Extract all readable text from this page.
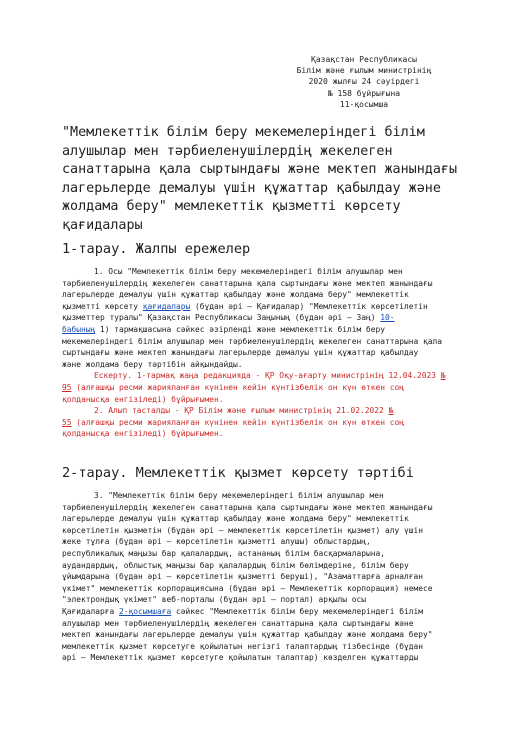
Қазақстан Республикасы
Білім және ғылым министрінің
2020 жылғы 24 сәуірдегі
№ 158 бұйрығына
11-қосымша
"Мемлекеттік білім беру мекемелеріндегі білім
алушылар мен тәрбиеленушілердің жекелеген
санаттарына қала сыртындағы және мектеп жанындағы
лагерьлерде демалуы үшін құжаттар қабылдау және
жолдама беру" мемлекеттік қызметті көрсету
қағидалары
1-тарау. Жалпы ережелер
1. Осы "Мемлекеттік білім беру мекемелеріндегі білім алушылар мен
тәрбиеленушілердің жекелеген санаттарына қала сыртындағы және мектеп жанындағы
лагерьлерде демалуы үшін құжаттар қабылдау және жолдама беру" мемлекеттік
қызметті көрсету қағидалары (бұдан әрі – Қағидалар) "Мемлекеттік көрсетілетін
қызметтер туралы" Қазақстан Республикасы Заңының (бұдан әрі – Заң) 10-
бабының 1) тармақшасына сәйкес әзірленді және мемлекеттік білім беру
мекемелеріндегі білім алушылар мен тәрбиеленушілердің жекелеген санаттарына қала
сыртындағы және мектеп жанындағы лагерьлерде демалуы үшін құжаттар қабылдау
және жолдама беру тәртібін айқындайды.
Ескерту. 1-тармақ жаңа редакцияда - ҚР Оқу-ағарту министрінің 12.04.2023 №
95 (алғашқы ресми жарияланған күнінен кейін күнтізбелік он күн өткен соң
қолданысқа енгізіледі) бұйрығымен.
2. Алып тасталды - ҚР Білім және ғылым министрінің 21.02.2022 №
55 (алғашқы ресми жарияланған күнінен кейін күнтізбелік он күн өткен соң
қолданысқа енгізіледі) бұйрығымен.
2-тарау. Мемлекеттік қызмет көрсету тәртібі
3. "Мемлекеттік білім беру мекемелеріндегі білім алушылар мен
тәрбиеленушілердің жекелеген санаттарына қала сыртындағы және мектеп жанындағы
лагерьлерде демалуы үшін құжаттар қабылдау және жолдама беру" мемлекеттік
көрсетілетін қызметін (бұдан әрі – мемлекеттік көрсетілетін қызмет) алу үшін
жеке тұлға (бұдан әрі – көрсетілетін қызметті алушы) облыстардың,
республикалық маңызы бар қалалардың, астананың білім басқармаларына,
аудандардың, облыстық маңызы бар қалалардың білім бөлімдеріне, білім беру
ұйымдарына (бұдан әрі – көрсетілетін қызметті беруші), "Азаматтарға арналған
үкімет" мемлекеттік корпорациясына (бұдан әрі – Мемлекеттік корпорация) немесе
"электрондық үкімет" веб-порталы (бұдан әрі – портал) арқылы осы
Қағидаларға 2-қосымшаға сәйкес "Мемлекеттік білім беру мекемелеріндегі білім
алушылар мен тәрбиеленушілердің жекелеген санаттарына қала сыртындағы және
мектеп жанындағы лагерьлерде демалуы үшін құжаттар қабылдау және жолдама беру"
мемлекеттік қызмет көрсетуге қойылатын негізгі талаптардың тізбесінде (бұдан
әрі – Мемлекеттік қызмет көрсетуге қойылатын талаптар) көзделген құжаттарды
